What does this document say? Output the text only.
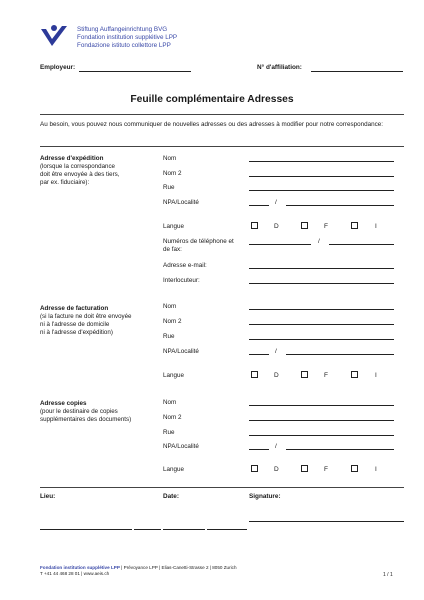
Stiftung Auffangeinrichtung BVG
Fondation institution supplétive LPP
Fondazione istituto collettore LPP
Employeur:	N° d'affiliation:
Feuille complémentaire Adresses
Au besoin, vous pouvez nous communiquer de nouvelles adresses ou des adresses à modifier pour notre correspondance:
Adresse d'expédition
(lorsque la correspondance
doit être envoyée à des tiers,
par ex. fiduciaire):
Nom
Nom 2
Rue
NPA/Localité	/
Langue	D	F	I
Numéros de téléphone et
de fax:
/
Adresse e-mail:
Interlocuteur:
Adresse de facturation
(si la facture ne doit être envoyée
ni à l'adresse de domicile
ni à l'adresse d'expédition)
Nom
Nom 2
Rue
NPA/Localité	/
Langue	D	F	I
Adresse copies
(pour le destinaire de copies
supplémentaires des documents)
Nom
Nom 2
Rue
NPA/Localité	/
Langue	D	F	I
Lieu:	Date:	Signature:
Fondation institution supplétive LPP | Prévoyance LPP | Elias-Canetti-Strasse 2 | 8050 Zurich
T +41 44 468 28 01 | www.aeis.ch	1 / 1
